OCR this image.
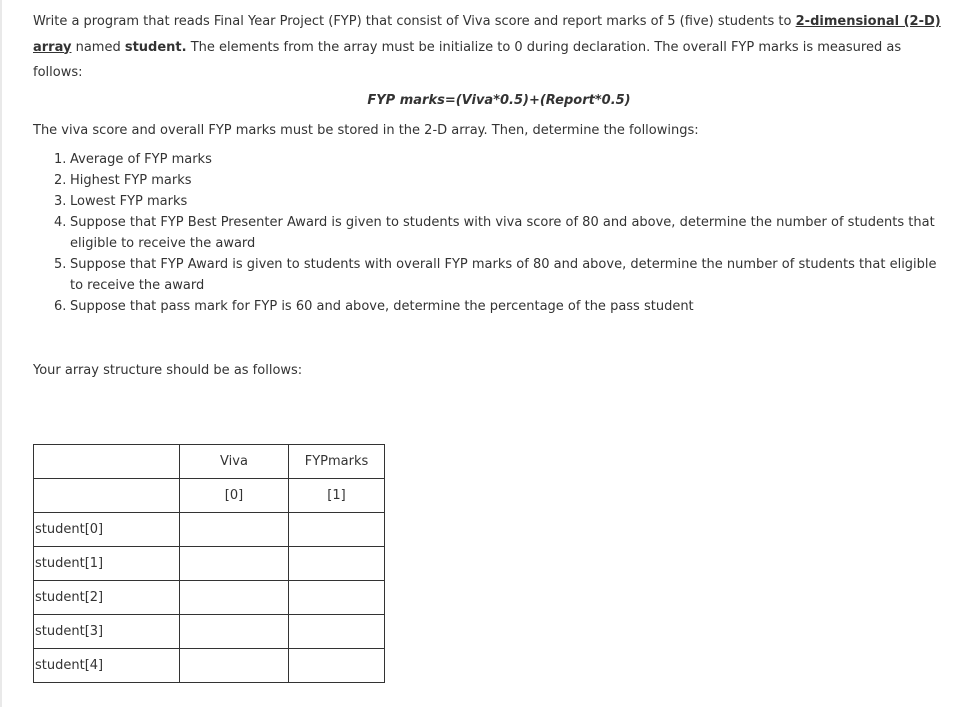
Write a program that reads Final Year Project (FYP) that consist of Viva score and report marks of 5 (five) students to 2-dimensional (2-D) array named student. The elements from the array must be initialize to 0 during declaration. The overall FYP marks is measured as follows:

FYP marks=(Viva*0.5)+(Report*0.5)

The viva score and overall FYP marks must be stored in the 2-D array. Then, determine the followings:

1. Average of FYP marks
2. Highest FYP marks
3. Lowest FYP marks
4. Suppose that FYP Best Presenter Award is given to students with viva score of 80 and above, determine the number of students that eligible to receive the award
5. Suppose that FYP Award is given to students with overall FYP marks of 80 and above, determine the number of students that eligible to receive the award
6. Suppose that pass mark for FYP is 60 and above, determine the percentage of the pass student

Your array structure should be as follows:

	Viva	FYPmarks
	[0]	[1]
student[0]		
student[1]		
student[2]		
student[3]		
student[4]		
